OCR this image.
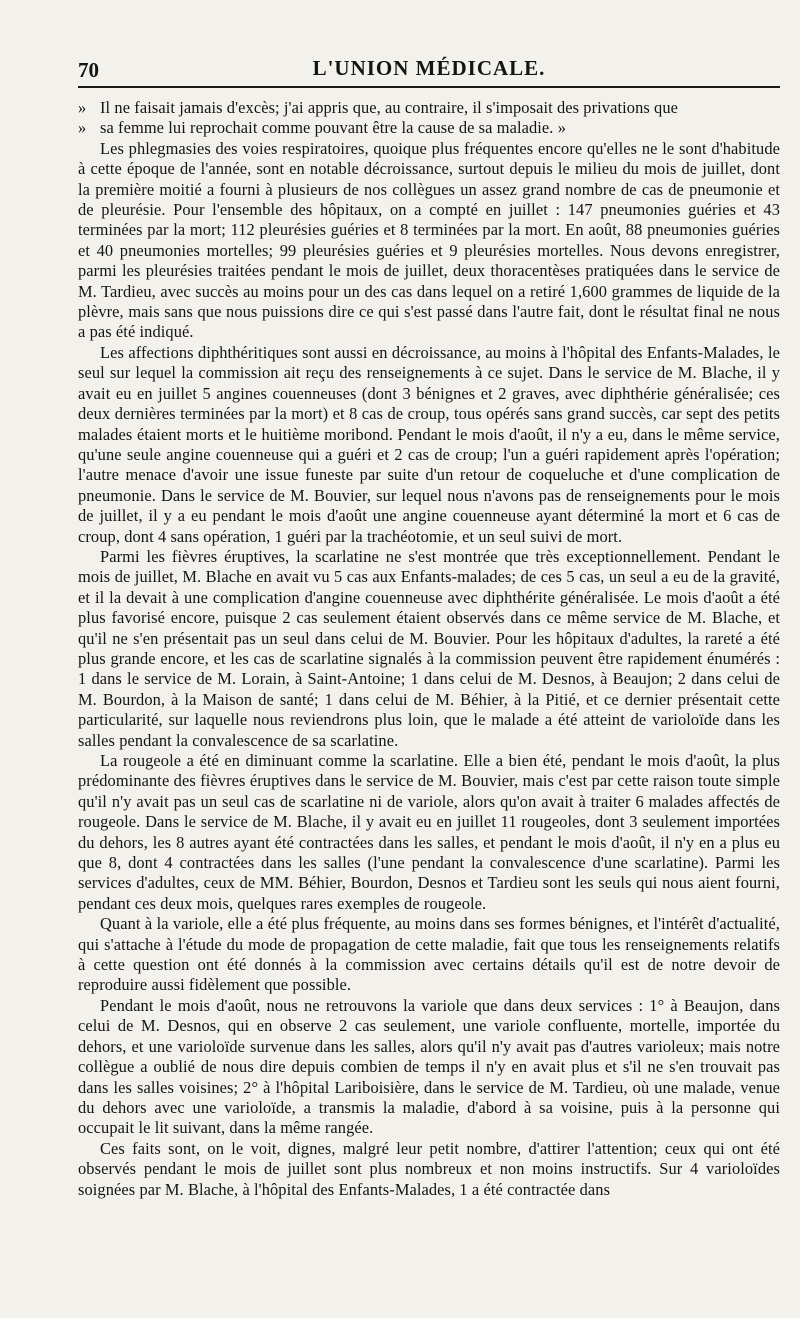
70	L'UNION MÉDICALE.

» Il ne faisait jamais d'excès; j'ai appris que, au contraire, il s'imposait des privations que

» sa femme lui reprochait comme pouvant être la cause de sa maladie. »

Les phlegmasies des voies respiratoires, quoique plus fréquentes encore qu'elles ne le sont d'habitude à cette époque de l'année, sont en notable décroissance, surtout depuis le milieu du mois de juillet, dont la première moitié a fourni à plusieurs de nos collègues un assez grand nombre de cas de pneumonie et de pleurésie. Pour l'ensemble des hôpitaux, on a compté en juillet : 147 pneumonies guéries et 43 terminées par la mort; 112 pleurésies guéries et 8 terminées par la mort. En août, 88 pneumonies guéries et 40 pneumonies mortelles; 99 pleurésies guéries et 9 pleurésies mortelles. Nous devons enregistrer, parmi les pleurésies traitées pendant le mois de juillet, deux thoracentèses pratiquées dans le service de M. Tardieu, avec succès au moins pour un des cas dans lequel on a retiré 1,600 grammes de liquide de la plèvre, mais sans que nous puissions dire ce qui s'est passé dans l'autre fait, dont le résultat final ne nous a pas été indiqué.

Les affections diphthéritiques sont aussi en décroissance, au moins à l'hôpital des Enfants-Malades, le seul sur lequel la commission ait reçu des renseignements à ce sujet. Dans le service de M. Blache, il y avait eu en juillet 5 angines couenneuses (dont 3 bénignes et 2 graves, avec diphthérie généralisée; ces deux dernières terminées par la mort) et 8 cas de croup, tous opérés sans grand succès, car sept des petits malades étaient morts et le huitième moribond. Pendant le mois d'août, il n'y a eu, dans le même service, qu'une seule angine couenneuse qui a guéri et 2 cas de croup; l'un a guéri rapidement après l'opération; l'autre menace d'avoir une issue funeste par suite d'un retour de coqueluche et d'une complication de pneumonie. Dans le service de M. Bouvier, sur lequel nous n'avons pas de renseignements pour le mois de juillet, il y a eu pendant le mois d'août une angine couenneuse ayant déterminé la mort et 6 cas de croup, dont 4 sans opération, 1 guéri par la trachéotomie, et un seul suivi de mort.

Parmi les fièvres éruptives, la scarlatine ne s'est montrée que très exceptionnellement. Pendant le mois de juillet, M. Blache en avait vu 5 cas aux Enfants-malades; de ces 5 cas, un seul a eu de la gravité, et il la devait à une complication d'angine couenneuse avec diphthérite généralisée. Le mois d'août a été plus favorisé encore, puisque 2 cas seulement étaient observés dans ce même service de M. Blache, et qu'il ne s'en présentait pas un seul dans celui de M. Bouvier. Pour les hôpitaux d'adultes, la rareté a été plus grande encore, et les cas de scarlatine signalés à la commission peuvent être rapidement énumérés : 1 dans le service de M. Lorain, à Saint-Antoine; 1 dans celui de M. Desnos, à Beaujon; 2 dans celui de M. Bourdon, à la Maison de santé; 1 dans celui de M. Béhier, à la Pitié, et ce dernier présentait cette particularité, sur laquelle nous reviendrons plus loin, que le malade a été atteint de varioloïde dans les salles pendant la convalescence de sa scarlatine.

La rougeole a été en diminuant comme la scarlatine. Elle a bien été, pendant le mois d'août, la plus prédominante des fièvres éruptives dans le service de M. Bouvier, mais c'est par cette raison toute simple qu'il n'y avait pas un seul cas de scarlatine ni de variole, alors qu'on avait à traiter 6 malades affectés de rougeole. Dans le service de M. Blache, il y avait eu en juillet 11 rougeoles, dont 3 seulement importées du dehors, les 8 autres ayant été contractées dans les salles, et pendant le mois d'août, il n'y en a plus eu que 8, dont 4 contractées dans les salles (l'une pendant la convalescence d'une scarlatine). Parmi les services d'adultes, ceux de MM. Béhier, Bourdon, Desnos et Tardieu sont les seuls qui nous aient fourni, pendant ces deux mois, quelques rares exemples de rougeole.

Quant à la variole, elle a été plus fréquente, au moins dans ses formes bénignes, et l'intérêt d'actualité, qui s'attache à l'étude du mode de propagation de cette maladie, fait que tous les renseignements relatifs à cette question ont été donnés à la commission avec certains détails qu'il est de notre devoir de reproduire aussi fidèlement que possible.

Pendant le mois d'août, nous ne retrouvons la variole que dans deux services : 1° à Beaujon, dans celui de M. Desnos, qui en observe 2 cas seulement, une variole confluente, mortelle, importée du dehors, et une varioloïde survenue dans les salles, alors qu'il n'y avait pas d'autres varioleux; mais notre collègue a oublié de nous dire depuis combien de temps il n'y en avait plus et s'il ne s'en trouvait pas dans les salles voisines; 2° à l'hôpital Lariboisière, dans le service de M. Tardieu, où une malade, venue du dehors avec une varioloïde, a transmis la maladie, d'abord à sa voisine, puis à la personne qui occupait le lit suivant, dans la même rangée.

Ces faits sont, on le voit, dignes, malgré leur petit nombre, d'attirer l'attention; ceux qui ont été observés pendant le mois de juillet sont plus nombreux et non moins instructifs. Sur 4 varioloïdes soignées par M. Blache, à l'hôpital des Enfants-Malades, 1 a été contractée dans
